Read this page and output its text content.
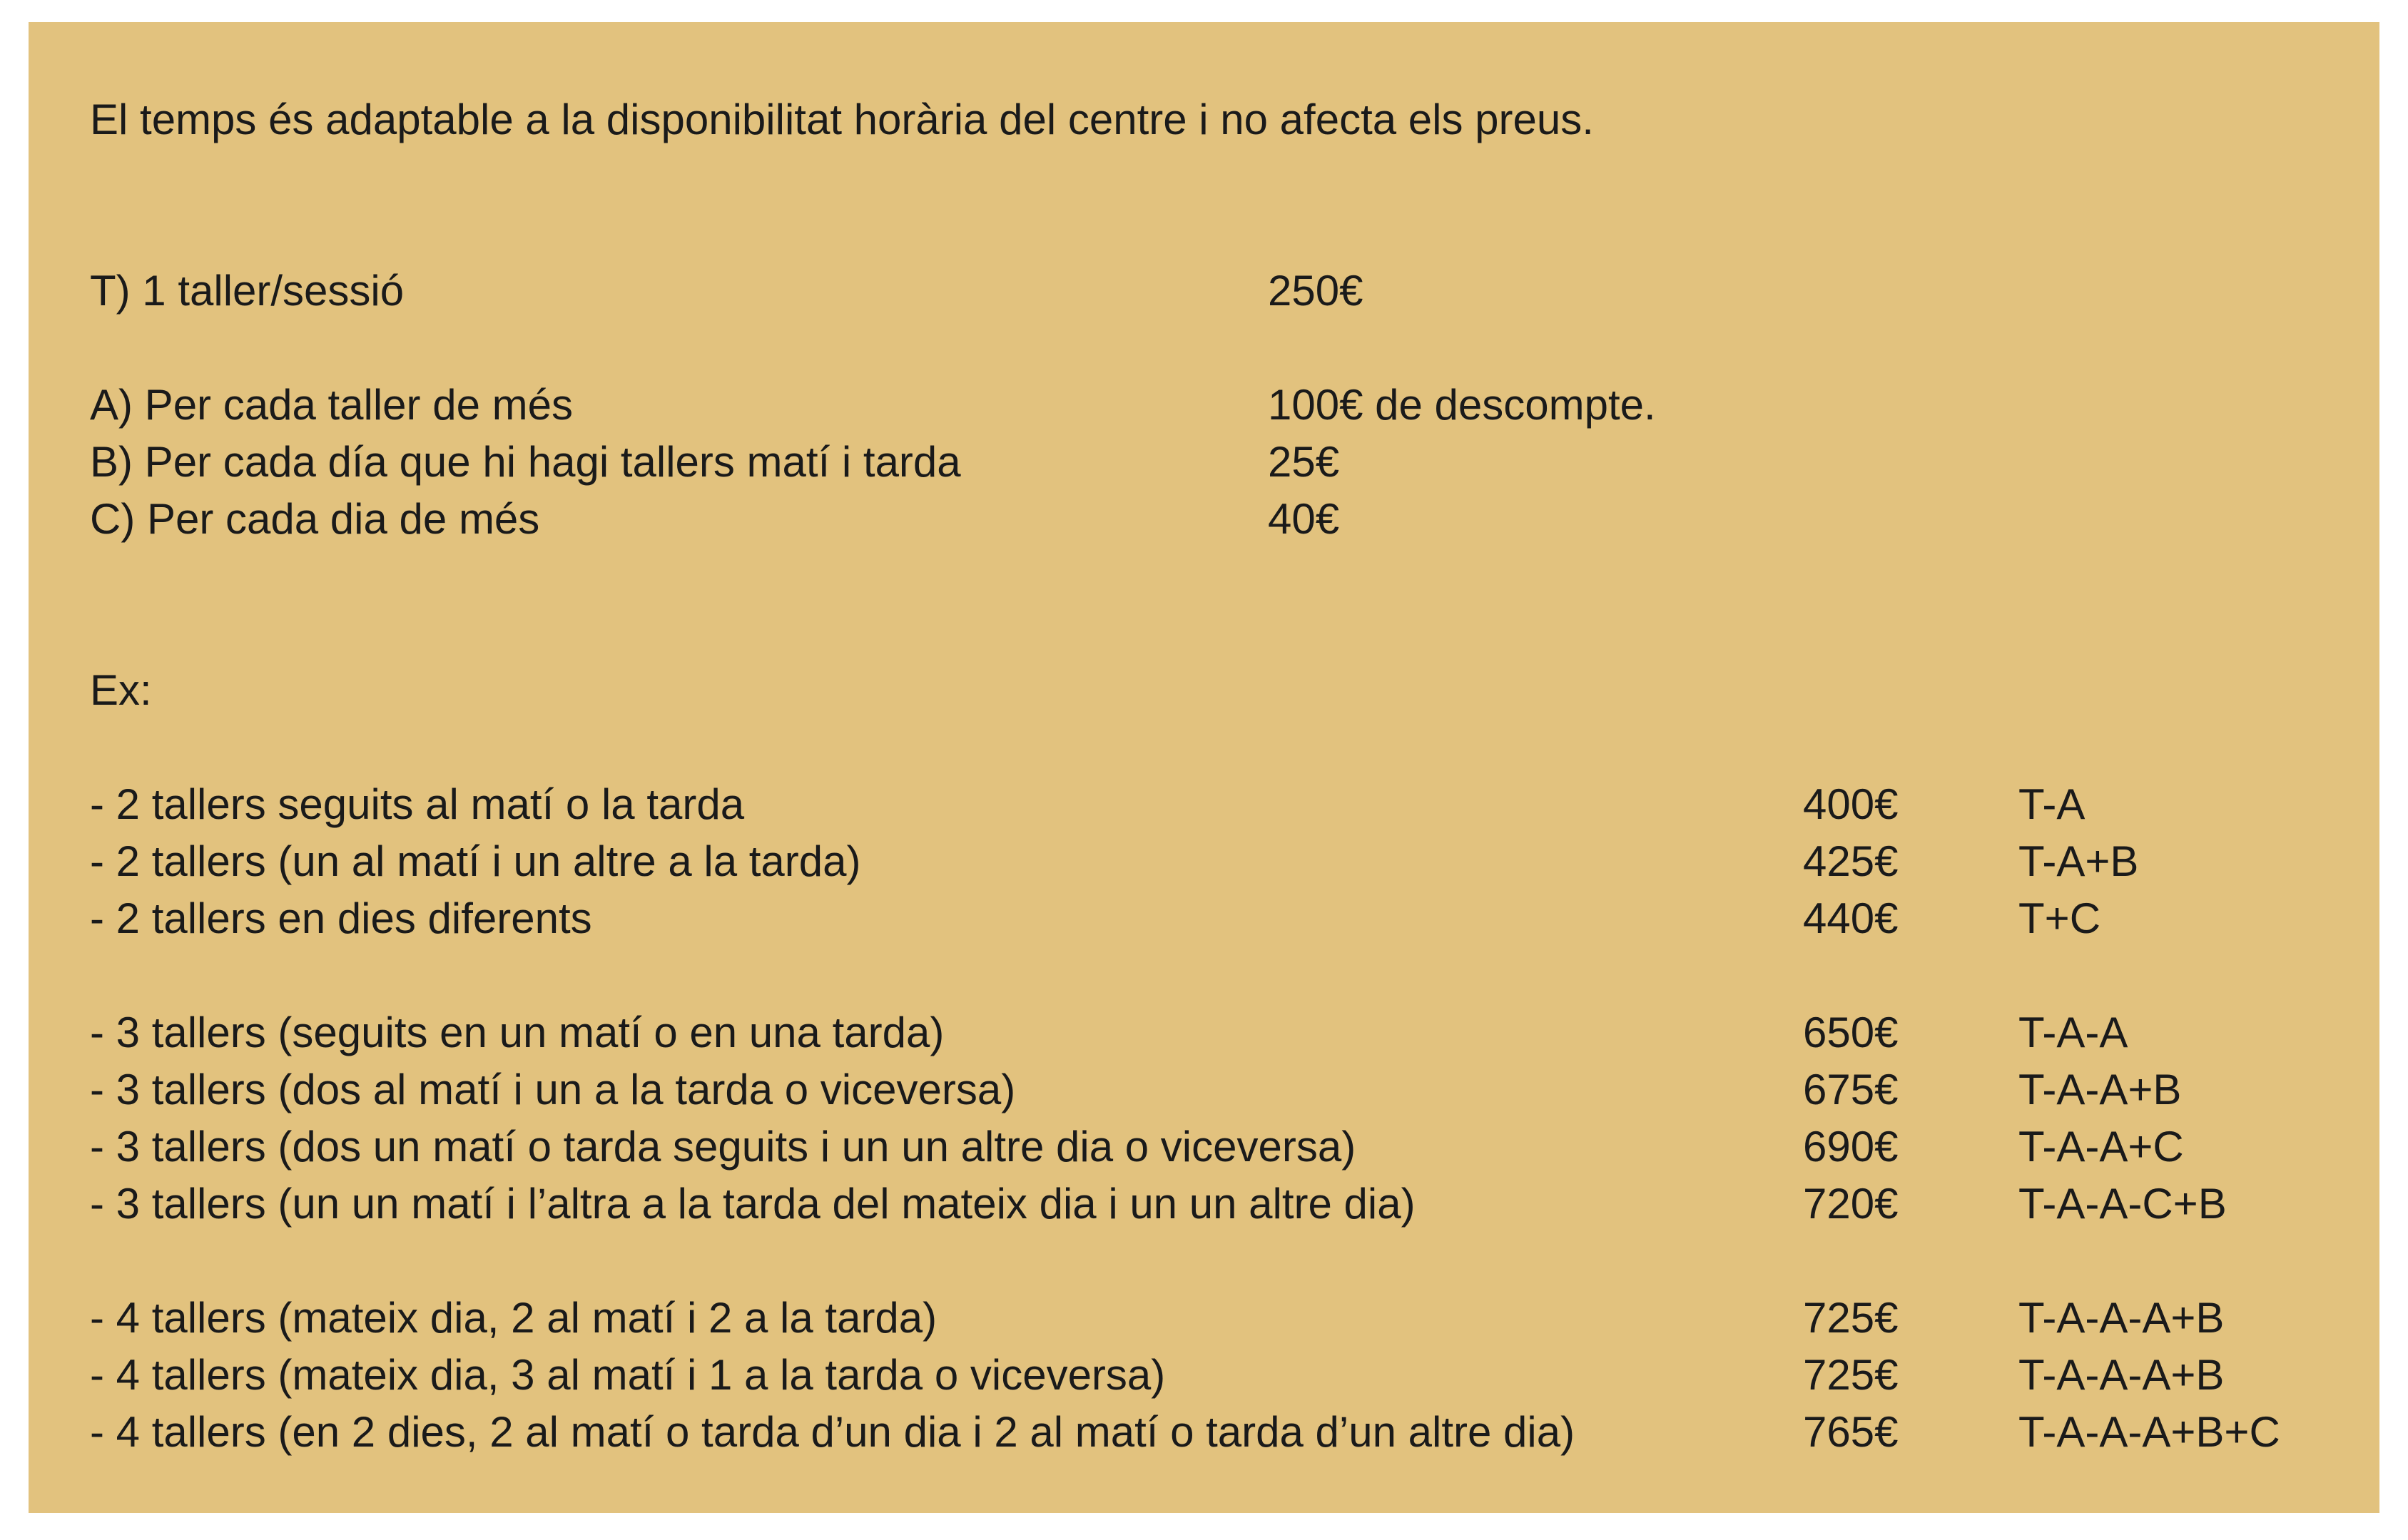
El temps és adaptable a la disponibilitat horària del centre i no afecta els preus.

T) 1 taller/sessió	250€

A) Per cada taller de més	100€ de descompte.

B) Per cada día que hi hagi tallers matí i tarda	25€

C) Per cada dia de més	40€

Ex:

- 2 tallers seguits al matí o la tarda	400€	T-A

- 2 tallers (un al matí i un altre a la tarda)	425€	T-A+B

- 2 tallers en dies diferents	440€	T+C

- 3 tallers (seguits en un matí o en una tarda)	650€	T-A-A

- 3 tallers (dos al matí i un a la tarda o viceversa)	675€	T-A-A+B

- 3 tallers (dos un matí o tarda seguits i un un altre dia o viceversa)	690€	T-A-A+C

- 3 tallers (un un matí i l’altra a la tarda del mateix dia i un un altre dia)	720€	T-A-A-C+B

- 4 tallers (mateix dia, 2 al matí i 2 a la tarda)	725€	T-A-A-A+B

- 4 tallers (mateix dia, 3 al matí i 1 a la tarda o viceversa)	725€	T-A-A-A+B

- 4 tallers (en 2 dies, 2 al matí o tarda d’un dia i 2 al matí o tarda d’un altre dia)	765€	T-A-A-A+B+C
